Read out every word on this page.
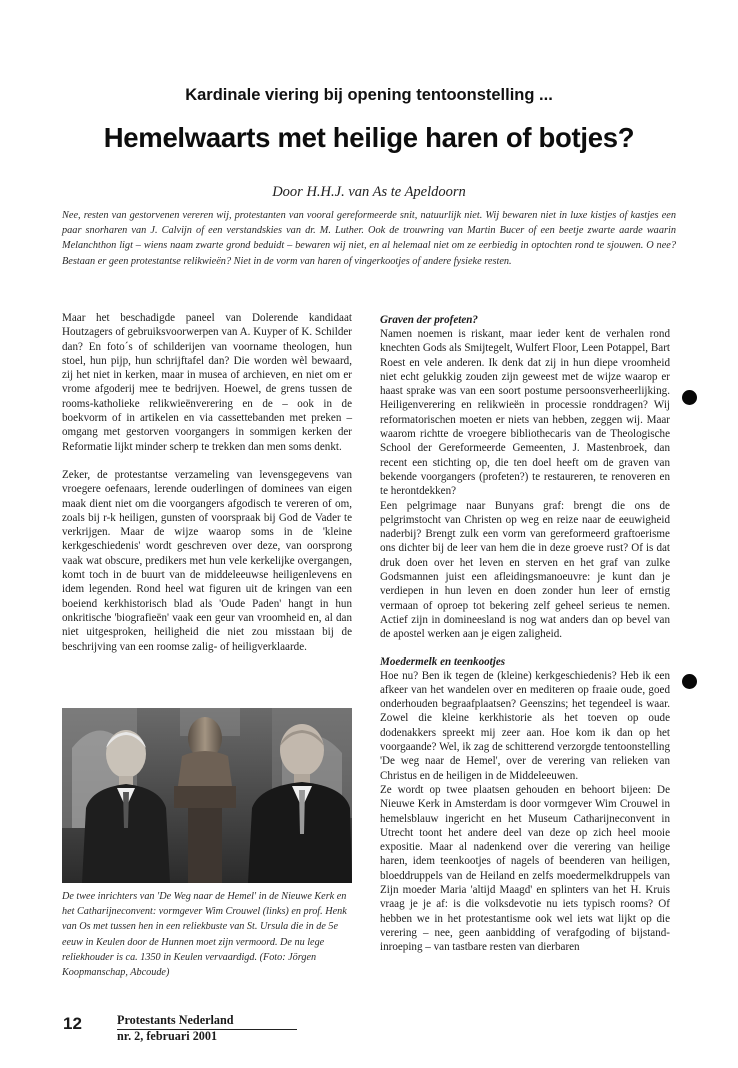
Kardinale viering bij opening tentoonstelling ...
Hemelwaarts met heilige haren of botjes?
Door H.H.J. van As te Apeldoorn
Nee, resten van gestorvenen vereren wij, protestanten van vooral gereformeerde snit, natuurlijk niet. Wij bewaren niet in luxe kistjes of kastjes een paar snorharen van J. Calvijn of een verstandskies van dr. M. Luther. Ook de trouwring van Martin Bucer of een beetje zwarte aarde waarin Melanchthon ligt – wiens naam zwarte grond beduidt – bewaren wij niet, en al helemaal niet om ze eerbiedig in optochten rond te sjouwen. O nee? Bestaan er geen protestantse relikwieën? Niet in de vorm van haren of vingerkootjes of andere fysieke resten.

Maar het beschadigde paneel van Dolerende kandidaat Houtzagers of gebruiksvoorwerpen van A. Kuyper of K. Schilder dan? En foto´s of schilderijen van voorname theologen, hun stoel, hun pijp, hun schrijftafel dan? Die worden wèl bewaard, zij het niet in kerken, maar in musea of archieven, en niet om er vrome afgoderij mee te bedrijven. Hoewel, de grens tussen de rooms-katholieke relikwieënverering en de – ook in de boekvorm of in artikelen en via cassettebanden met preken – omgang met gestorven voorgangers in sommigen kerken der Reformatie lijkt minder scherp te trekken dan men soms denkt.

Zeker, de protestantse verzameling van levensgegevens van vroegere oefenaars, lerende ouderlingen of dominees van eigen maak dient niet om die voorgangers afgodisch te vereren of om, zoals bij r-k heiligen, gunsten of voorspraak bij God de Vader te verkrijgen. Maar de wijze waarop soms in de 'kleine kerkgeschiedenis' wordt geschreven over deze, van oorsprong vaak wat obscure, predikers met hun vele kerkelijke overgangen, komt toch in de buurt van de middeleeuwse heiligenlevens en idem legenden. Rond heel wat figuren uit de kringen van een boeiend kerkhistorisch blad als 'Oude Paden' hangt in hun onkritische 'biografieën' vaak een geur van vroomheid en, al dan niet uitgesproken, heiligheid die niet zou misstaan bij de beschrijving van een roomse zalig- of heiligverklaarde.

De twee inrichters van 'De Weg naar de Hemel' in de Nieuwe Kerk en het Catharijneconvent: vormgever Wim Crouwel (links) en prof. Henk van Os met tussen hen in een reliekbuste van St. Ursula die in de 5e eeuw in Keulen door de Hunnen moet zijn vermoord. De nu lege reliekhouder is ca. 1350 in Keulen vervaardigd. (Foto: Jörgen Koopmanschap, Abcoude)

Graven der profeten?

Namen noemen is riskant, maar ieder kent de verhalen rond knechten Gods als Smijtegelt, Wulfert Floor, Leen Potappel, Bart Roest en vele anderen. Ik denk dat zij in hun diepe vroomheid niet echt gelukkig zouden zijn geweest met de wijze waarop er haast sprake was van een soort postume persoonsverheerlijking. Heiligenverering en relikwieën in processie ronddragen? Wij reformatorischen moeten er niets van hebben, zeggen wij. Maar waarom richtte de vroegere bibliothecaris van de Theologische School der Gereformeerde Gemeenten, J. Mastenbroek, dan recent een stichting op, die ten doel heeft om de graven van bekende voorgangers (profeten?) te restaureren, te renoveren en te herontdekken?

Een pelgrimage naar Bunyans graf: brengt die ons de pelgrimstocht van Christen op weg en reize naar de eeuwigheid naderbij? Brengt zulk een vorm van gereformeerd graftoerisme ons dichter bij de leer van hem die in deze groeve rust? Of is dat druk doen over het leven en sterven en het graf van zulke Godsmannen juist een afleidingsmanoeuvre: je kunt dan je verdiepen in hun leven en doen zonder hun leer of ernstig vermaan of oproep tot bekering zelf geheel serieus te nemen. Actief zijn in domineesland is nog wat anders dan op bevel van de apostel werken aan je eigen zaligheid.

Moedermelk en teenkootjes

Hoe nu? Ben ik tegen de (kleine) kerkgeschiedenis? Heb ik een afkeer van het wandelen over en mediteren op fraaie oude, goed onderhouden begraafplaatsen? Geenszins; het tegendeel is waar. Zowel die kleine kerkhistorie als het toeven op oude dodenakkers spreekt mij zeer aan. Hoe kom ik dan op het voorgaande? Wel, ik zag de schitterend verzorgde tentoonstelling 'De weg naar de Hemel', over de verering van relieken van Christus en de heiligen in de Middeleeuwen.

Ze wordt op twee plaatsen gehouden en behoort bijeen: De Nieuwe Kerk in Amsterdam is door vormgever Wim Crouwel in hemelsblauw ingericht en het Museum Catharijneconvent in Utrecht toont het andere deel van deze op zich heel mooie expositie. Maar al nadenkend over die verering van heilige haren, idem teenkootjes of nagels of beenderen van heiligen, bloeddruppels van de Heiland en zelfs moedermelkdruppels van Zijn moeder Maria 'altijd Maagd' en splinters van het H. Kruis vraag je je af: is die volksdevotie nu iets typisch rooms? Of hebben we in het protestantisme ook wel iets wat lijkt op die verering – nee, geen aanbidding of verafgoding of bijstand-inroeping – van tastbare resten van dierbaren

12	Protestants Nederland
nr. 2, februari 2001
